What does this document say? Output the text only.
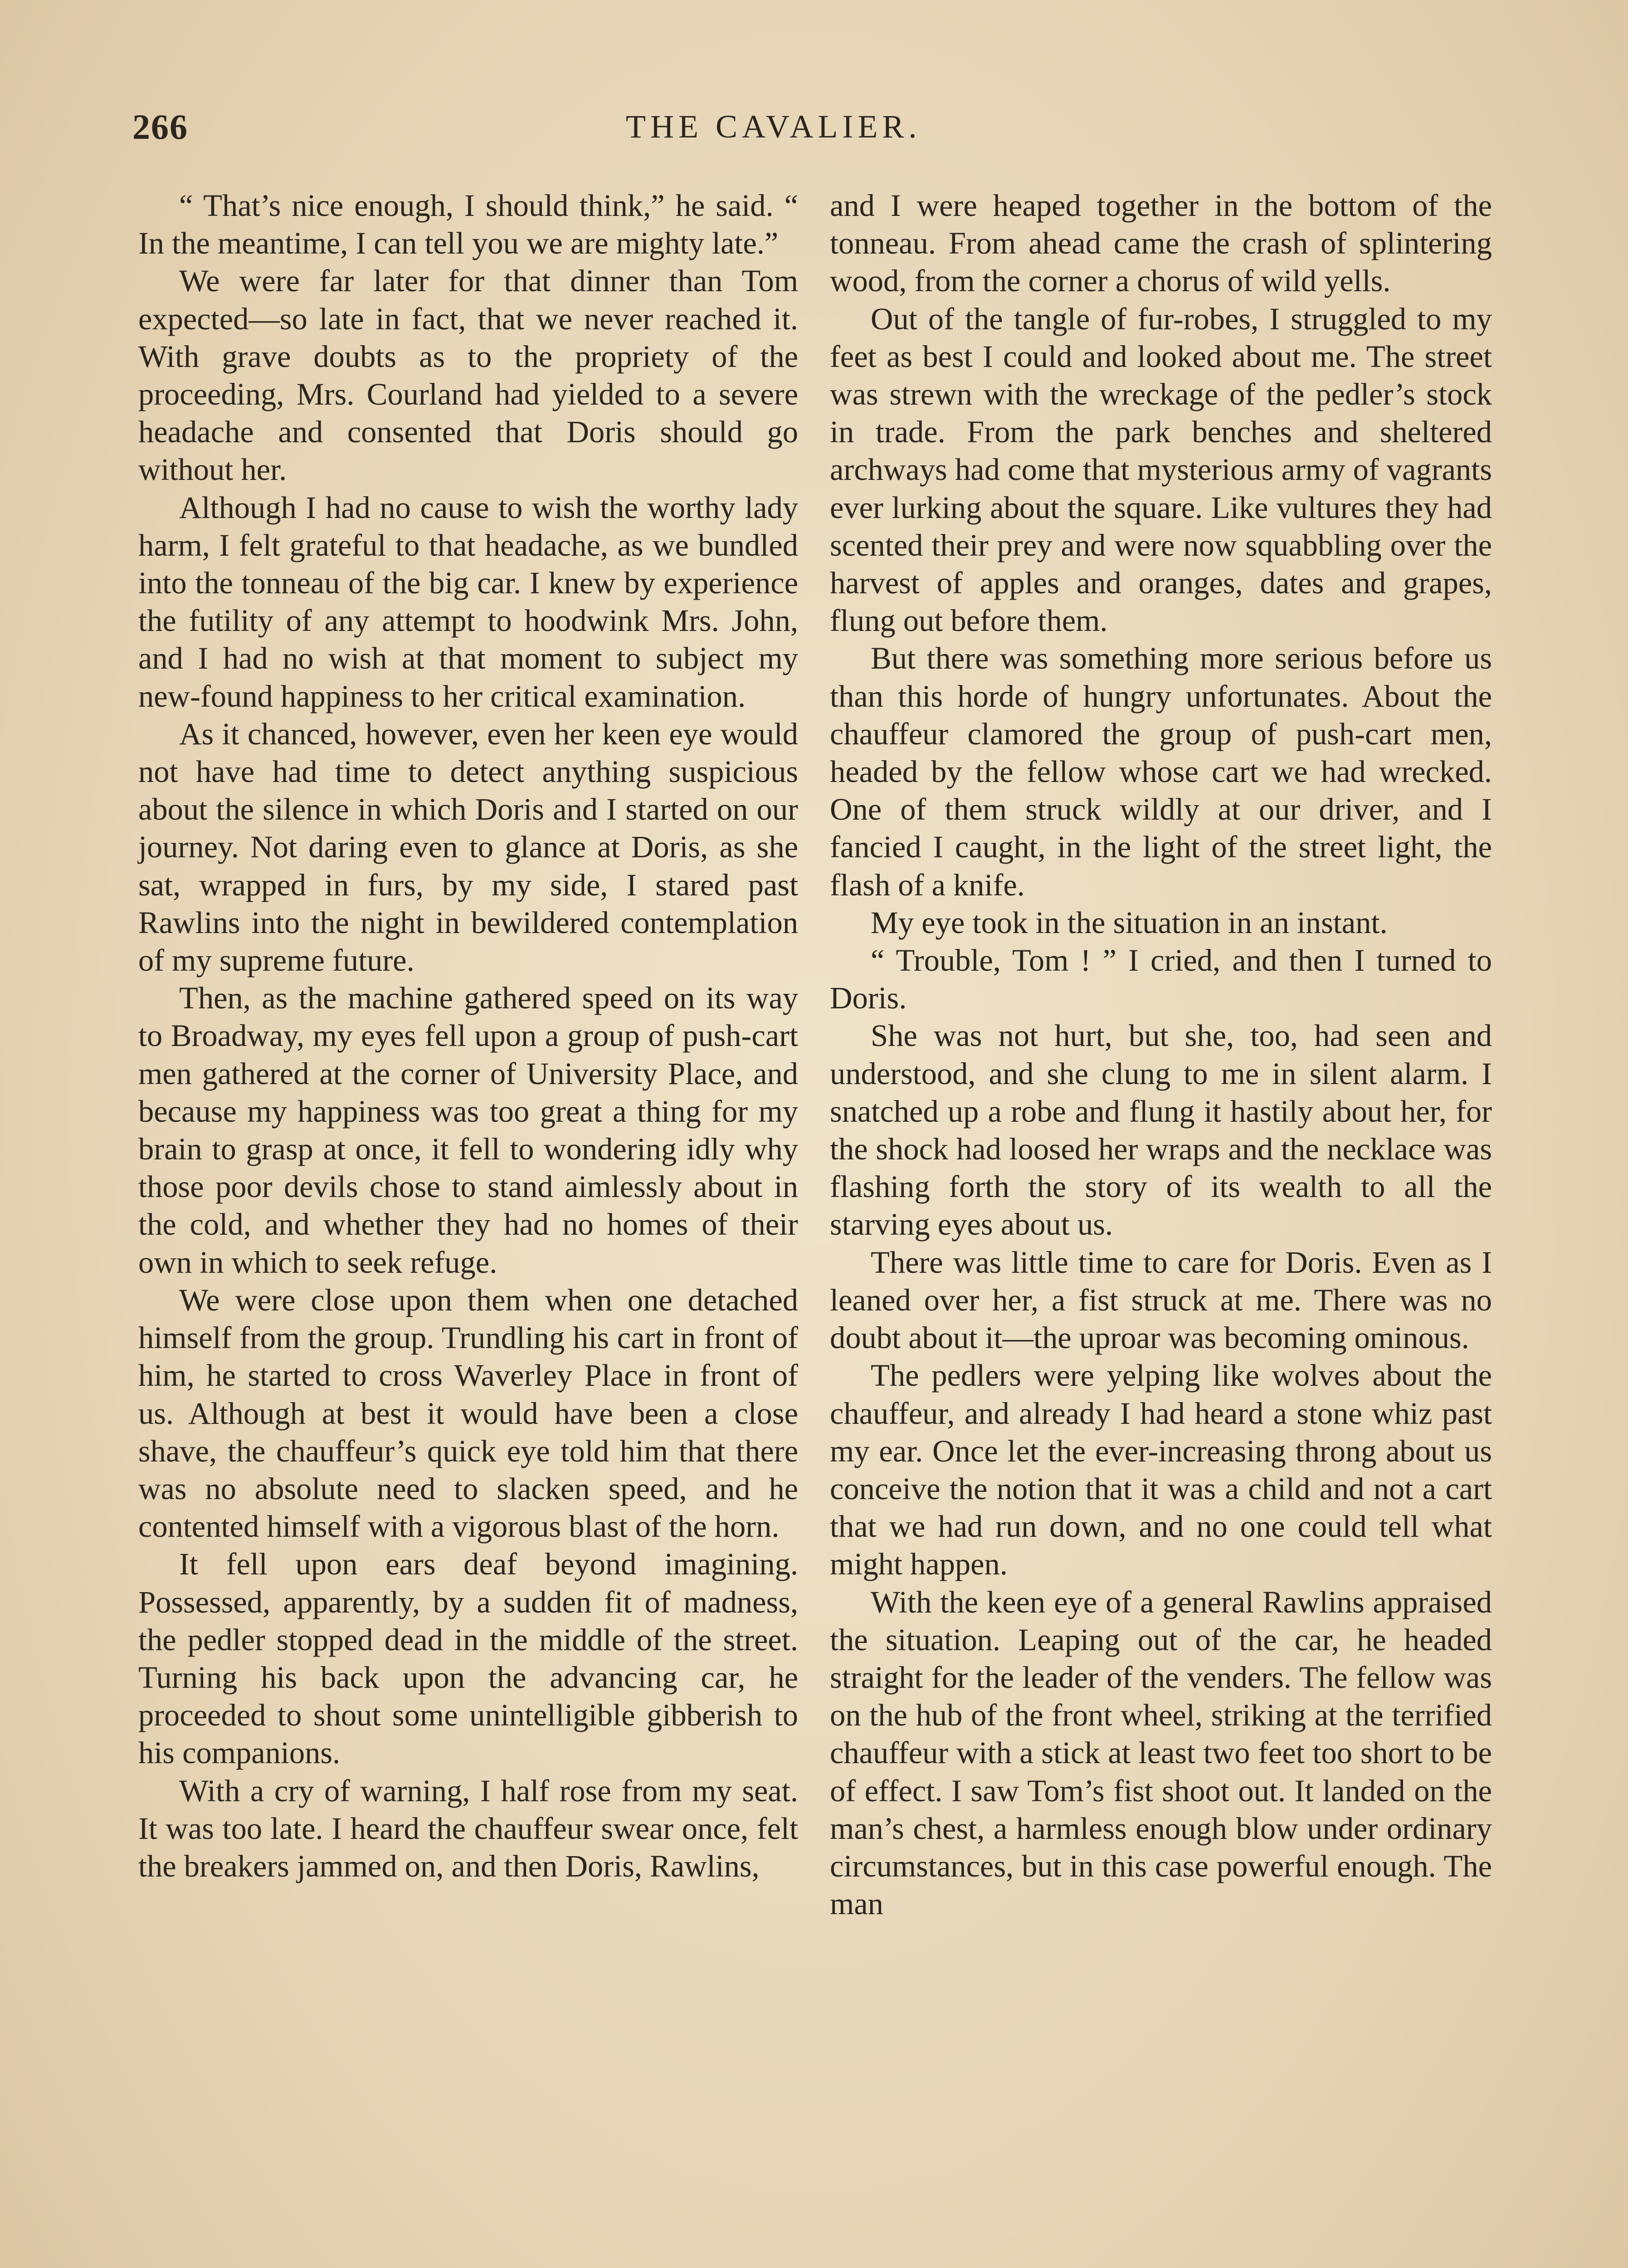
266	THE CAVALIER.

“ That’s nice enough, I should think,” he said. “ In the meantime, I can tell you we are mighty late.”

We were far later for that dinner than Tom expected—so late in fact, that we never reached it. With grave doubts as to the propriety of the proceeding, Mrs. Courland had yielded to a severe headache and consented that Doris should go without her.

Although I had no cause to wish the worthy lady harm, I felt grateful to that headache, as we bundled into the tonneau of the big car. I knew by experience the futility of any attempt to hoodwink Mrs. John, and I had no wish at that moment to subject my new-found happiness to her critical examination.

As it chanced, however, even her keen eye would not have had time to detect anything suspicious about the silence in which Doris and I started on our journey. Not daring even to glance at Doris, as she sat, wrapped in furs, by my side, I stared past Rawlins into the night in bewildered contemplation of my supreme future.

Then, as the machine gathered speed on its way to Broadway, my eyes fell upon a group of push-cart men gathered at the corner of University Place, and because my happiness was too great a thing for my brain to grasp at once, it fell to wondering idly why those poor devils chose to stand aimlessly about in the cold, and whether they had no homes of their own in which to seek refuge.

We were close upon them when one detached himself from the group. Trundling his cart in front of him, he started to cross Waverley Place in front of us. Although at best it would have been a close shave, the chauffeur’s quick eye told him that there was no absolute need to slacken speed, and he contented himself with a vigorous blast of the horn.

It fell upon ears deaf beyond imagining. Possessed, apparently, by a sudden fit of madness, the pedler stopped dead in the middle of the street. Turning his back upon the advancing car, he proceeded to shout some unintelligible gibberish to his companions.

With a cry of warning, I half rose from my seat. It was too late. I heard the chauffeur swear once, felt the breakers jammed on, and then Doris, Rawlins,

and I were heaped together in the bottom of the tonneau. From ahead came the crash of splintering wood, from the corner a chorus of wild yells.

Out of the tangle of fur-robes, I struggled to my feet as best I could and looked about me. The street was strewn with the wreckage of the pedler’s stock in trade. From the park benches and sheltered archways had come that mysterious army of vagrants ever lurking about the square. Like vultures they had scented their prey and were now squabbling over the harvest of apples and oranges, dates and grapes, flung out before them.

But there was something more serious before us than this horde of hungry unfortunates. About the chauffeur clamored the group of push-cart men, headed by the fellow whose cart we had wrecked. One of them struck wildly at our driver, and I fancied I caught, in the light of the street light, the flash of a knife.

My eye took in the situation in an instant.

“ Trouble, Tom ! ” I cried, and then I turned to Doris.

She was not hurt, but she, too, had seen and understood, and she clung to me in silent alarm. I snatched up a robe and flung it hastily about her, for the shock had loosed her wraps and the necklace was flashing forth the story of its wealth to all the starving eyes about us.

There was little time to care for Doris. Even as I leaned over her, a fist struck at me. There was no doubt about it—the uproar was becoming ominous.

The pedlers were yelping like wolves about the chauffeur, and already I had heard a stone whiz past my ear. Once let the ever-increasing throng about us conceive the notion that it was a child and not a cart that we had run down, and no one could tell what might happen.

With the keen eye of a general Rawlins appraised the situation. Leaping out of the car, he headed straight for the leader of the venders. The fellow was on the hub of the front wheel, striking at the terrified chauffeur with a stick at least two feet too short to be of effect. I saw Tom’s fist shoot out. It landed on the man’s chest, a harmless enough blow under ordinary circumstances, but in this case powerful enough. The man
